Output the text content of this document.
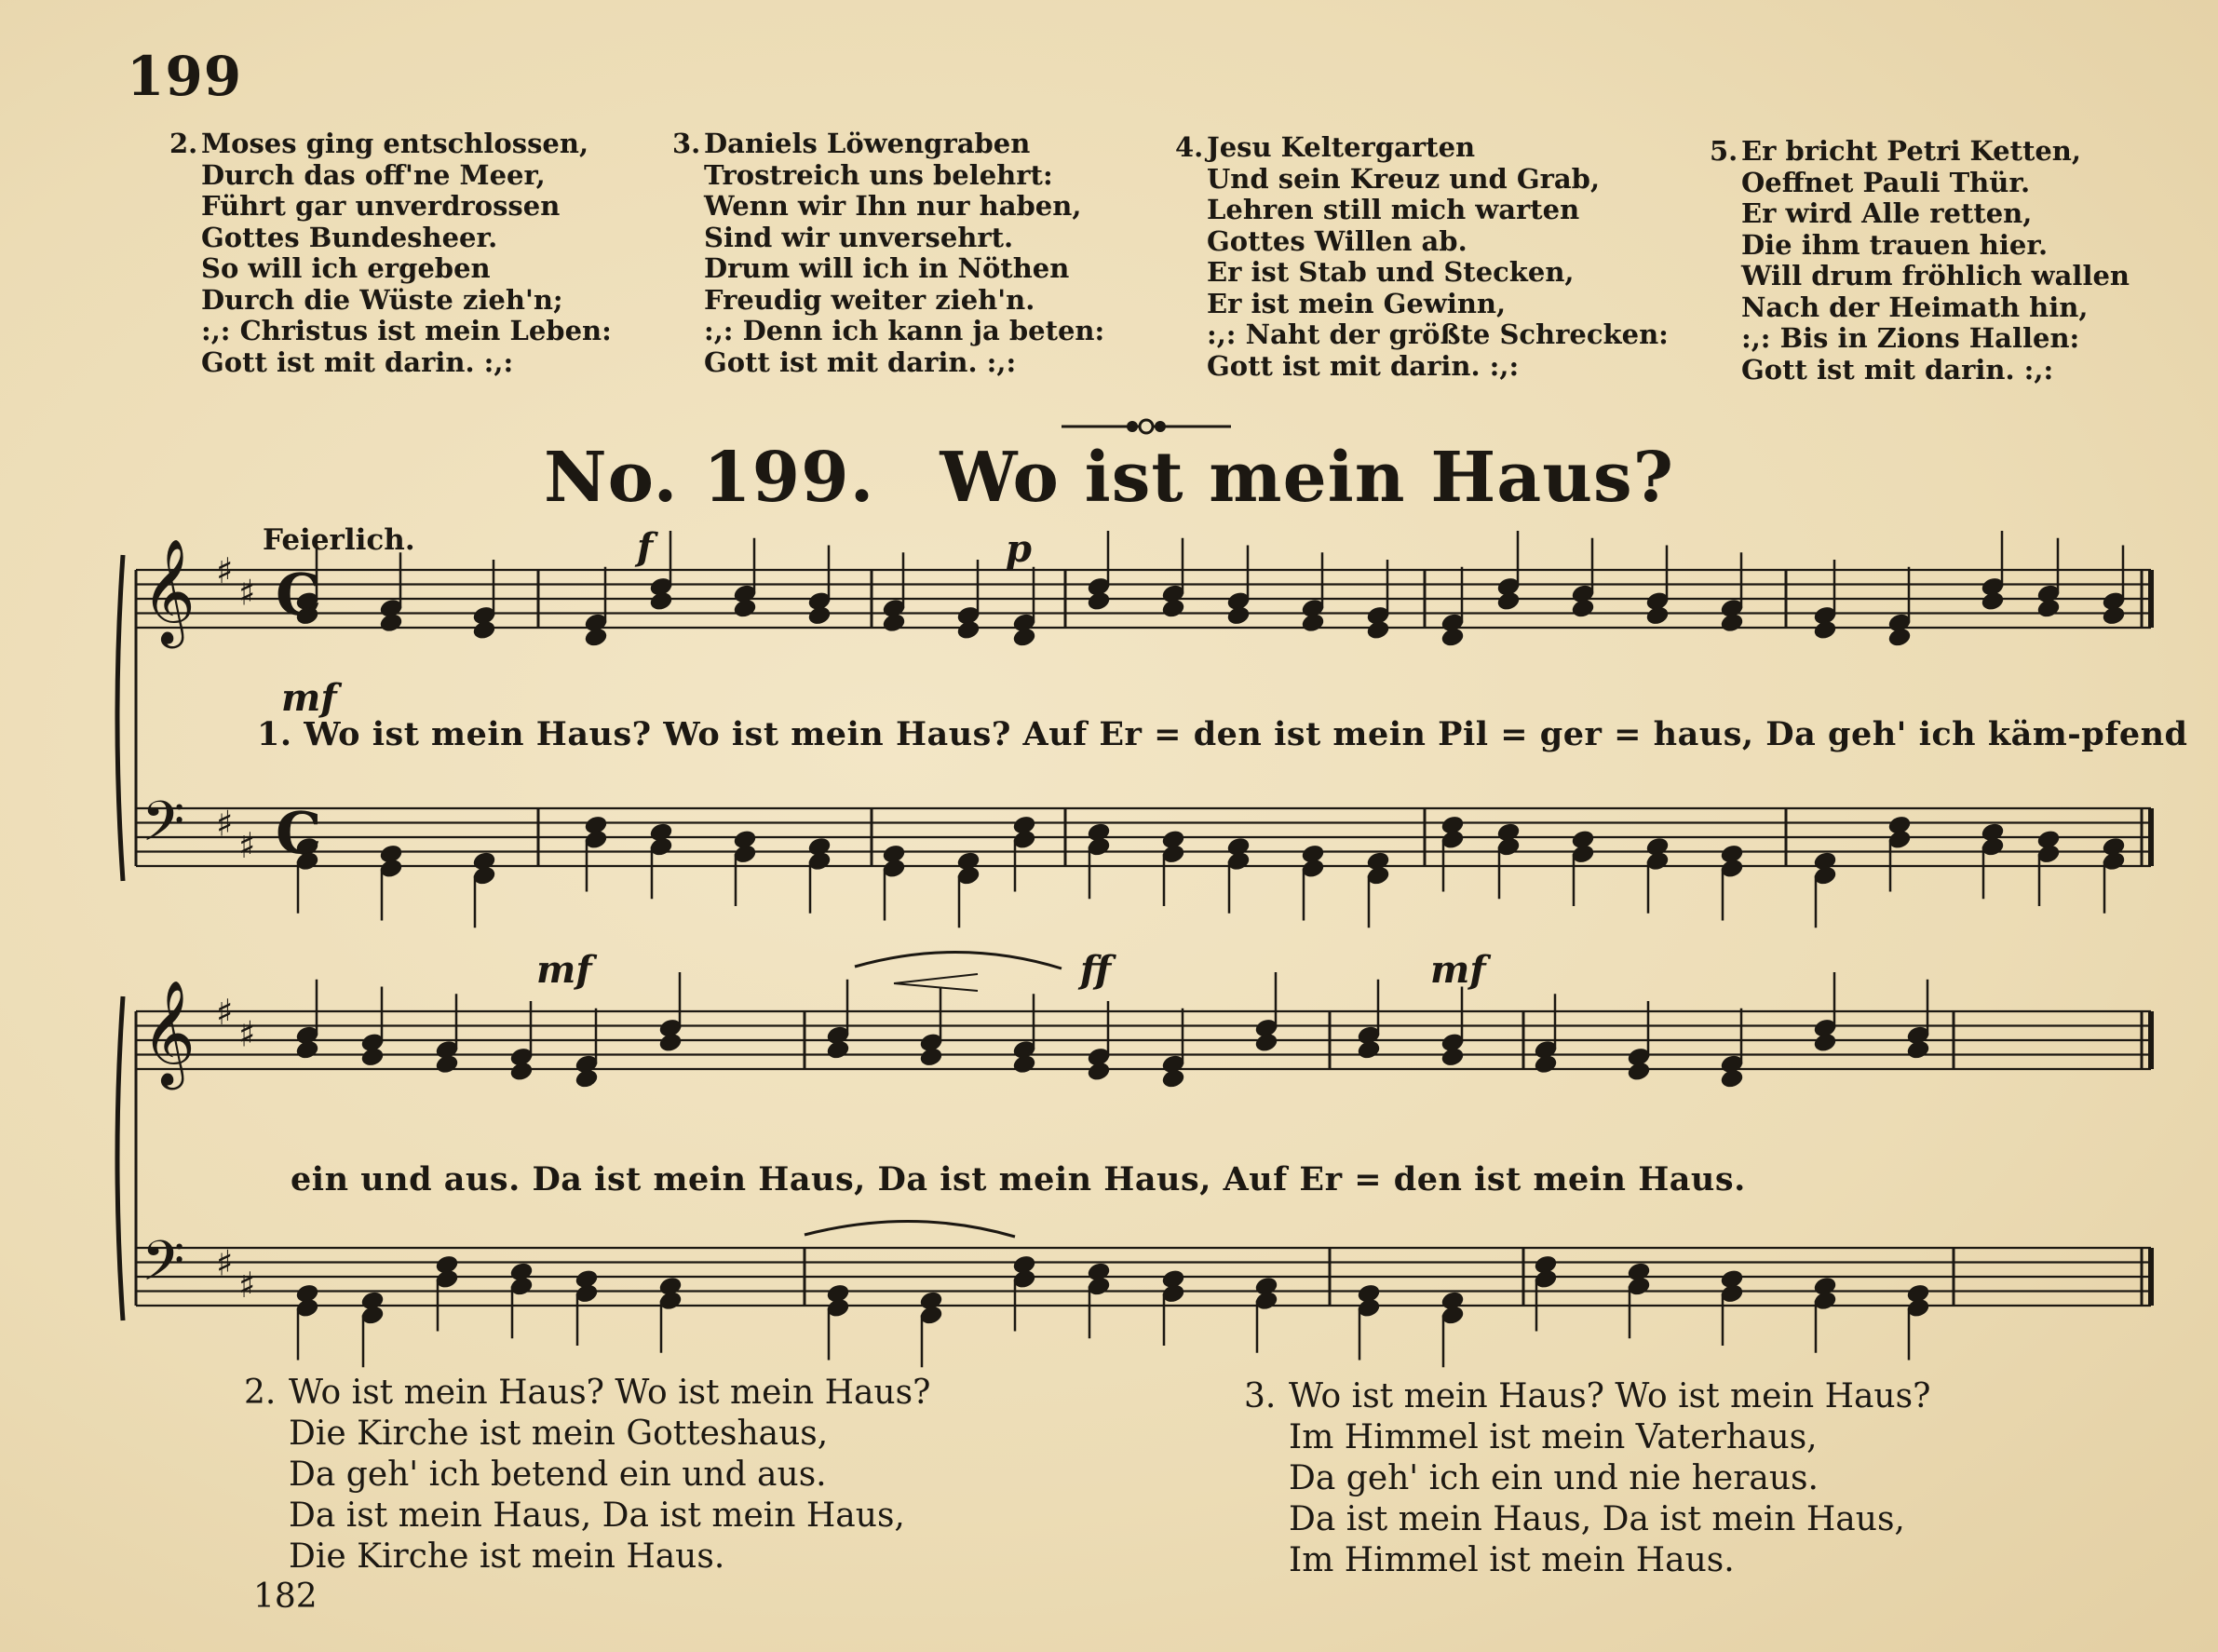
199
2. Moses ging entschlossen,
Durch das off'ne Meer,
Führt gar unverdrossen
Gottes Bundesheer.
So will ich ergeben
Durch die Wüste zieh'n;
:,: Christus ist mein Leben:
Gott ist mit darin. :,:
3. Daniels Löwengraben
Trostreich uns belehrt:
Wenn wir Ihn nur haben,
Sind wir unversehrt.
Drum will ich in Nöthen
Freudig weiter zieh'n.
:,: Denn ich kann ja beten:
Gott ist mit darin. :,:
4. Jesu Keltergarten
Und sein Kreuz und Grab,
Lehren still mich warten
Gottes Willen ab.
Er ist Stab und Stecken,
Er ist mein Gewinn,
:,: Naht der größte Schrecken:
Gott ist mit darin. :,:
5. Er bricht Petri Ketten,
Oeffnet Pauli Thür.
Er wird Alle retten,
Die ihm trauen hier.
Will drum fröhlich wallen
Nach der Heimath hin,
:,: Bis in Zions Hallen:
Gott ist mit darin. :,:
No. 199. Wo ist mein Haus?
Feierlich.
𝄞
𝄢
♯
♯
♯
♯
𝄞
𝄢
♯
♯
♯
♯
C
C
mf
f	p
mf	ff	mf
1. Wo ist mein Haus? Wo ist mein Haus? Auf Er = den ist mein Pil = ger = haus, Da geh' ich käm-pfend
ein und aus. Da ist mein Haus, Da ist mein Haus, Auf Er = den ist mein Haus.
2. Wo ist mein Haus? Wo ist mein Haus?
Die Kirche ist mein Gotteshaus,
Da geh' ich betend ein und aus.
Da ist mein Haus, Da ist mein Haus,
Die Kirche ist mein Haus.
3. Wo ist mein Haus? Wo ist mein Haus?
Im Himmel ist mein Vaterhaus,
Da geh' ich ein und nie heraus.
Da ist mein Haus, Da ist mein Haus,
Im Himmel ist mein Haus.
182
